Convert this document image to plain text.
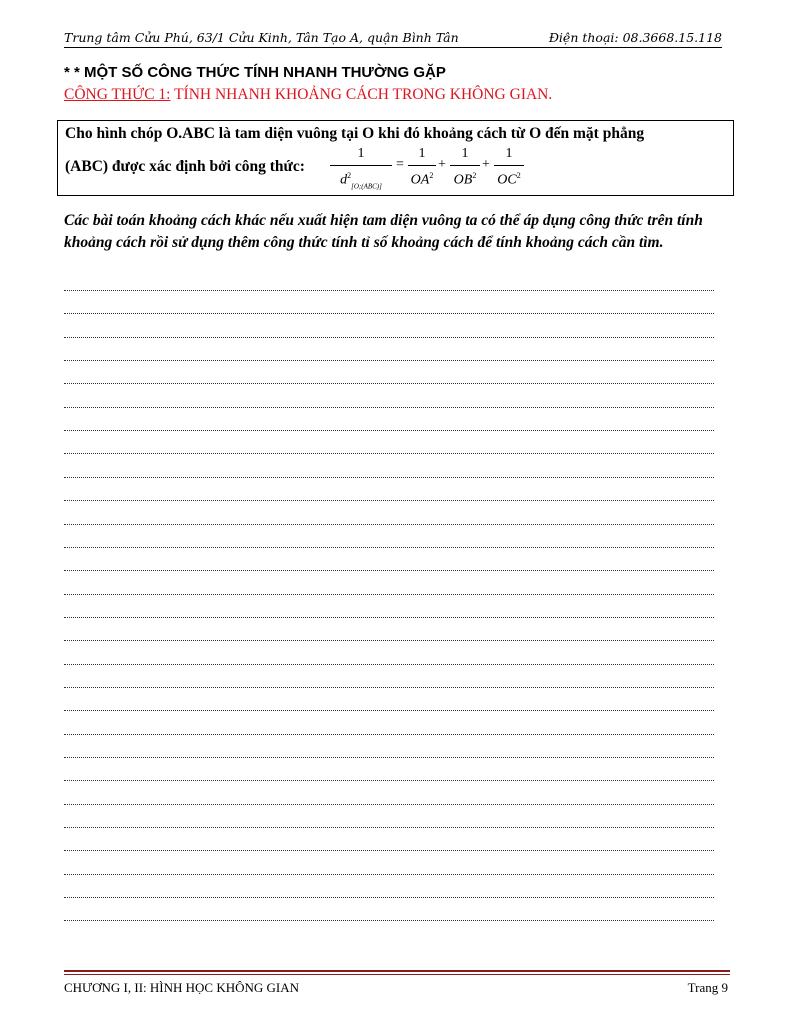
Trung tâm Cửu Phú, 63/1 Cửu Kinh, Tân Tạo A, quận Bình Tân	Điện thoại: 08.3668.15.118
* * MỘT SỐ CÔNG THỨC TÍNH NHANH THƯỜNG GẶP
CÔNG THỨC 1: TÍNH NHANH KHOẢNG CÁCH TRONG KHÔNG GIAN.
Cho hình chóp O.ABC là tam diện vuông tại O khi đó khoảng cách từ O đến mặt phẳng
(ABC) được xác định bởi công thức:
1
$d^2_{[O;(ABC)]}$
=
1
$OA^2$
+
1
$OB^2$
+
1
$OC^2$
Các bài toán khoảng cách khác nếu xuất hiện tam diện vuông ta có thể áp dụng công thức trên tính khoảng cách rồi sử dụng thêm công thức tính tỉ số khoảng cách để tính khoảng cách cần tìm.
CHƯƠNG I, II: HÌNH HỌC KHÔNG GIAN	Trang 9
